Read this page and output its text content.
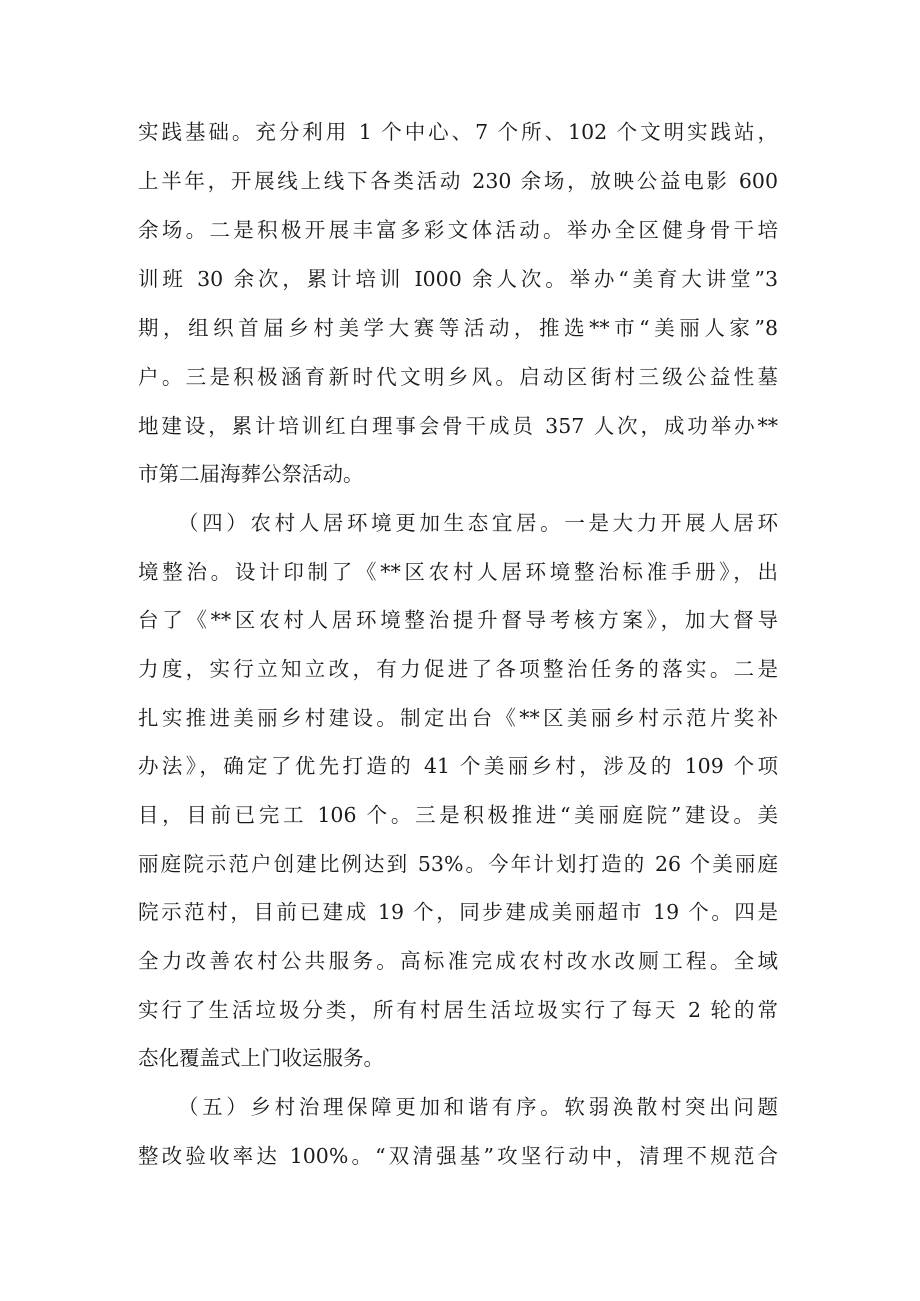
实践基础。充分利用 1 个中心、7 个所、102 个文明实践站，
上半年，开展线上线下各类活动 230 余场，放映公益电影 600
余场。二是积极开展丰富多彩文体活动。举办全区健身骨干培
训班 30 余次，累计培训 I000 余人次。举办“美育大讲堂”3
期，组织首届乡村美学大赛等活动，推选**市“美丽人家”8
户。三是积极涵育新时代文明乡风。启动区街村三级公益性墓
地建设，累计培训红白理事会骨干成员 357 人次，成功举办**
市第二届海葬公祭活动。
（四）农村人居环境更加生态宜居。一是大力开展人居环
境整治。设计印制了《**区农村人居环境整治标准手册》，出
台了《**区农村人居环境整治提升督导考核方案》，加大督导
力度，实行立知立改，有力促进了各项整治任务的落实。二是
扎实推进美丽乡村建设。制定出台《**区美丽乡村示范片奖补
办法》，确定了优先打造的 41 个美丽乡村，涉及的 109 个项
目，目前已完工 106 个。三是积极推进“美丽庭院”建设。美
丽庭院示范户创建比例达到 53%。今年计划打造的 26 个美丽庭
院示范村，目前已建成 19 个，同步建成美丽超市 19 个。四是
全力改善农村公共服务。高标准完成农村改水改厕工程。全域
实行了生活垃圾分类，所有村居生活垃圾实行了每天 2 轮的常
态化覆盖式上门收运服务。
（五）乡村治理保障更加和谐有序。软弱涣散村突出问题
整改验收率达 100%。“双清强基”攻坚行动中，清理不规范合
